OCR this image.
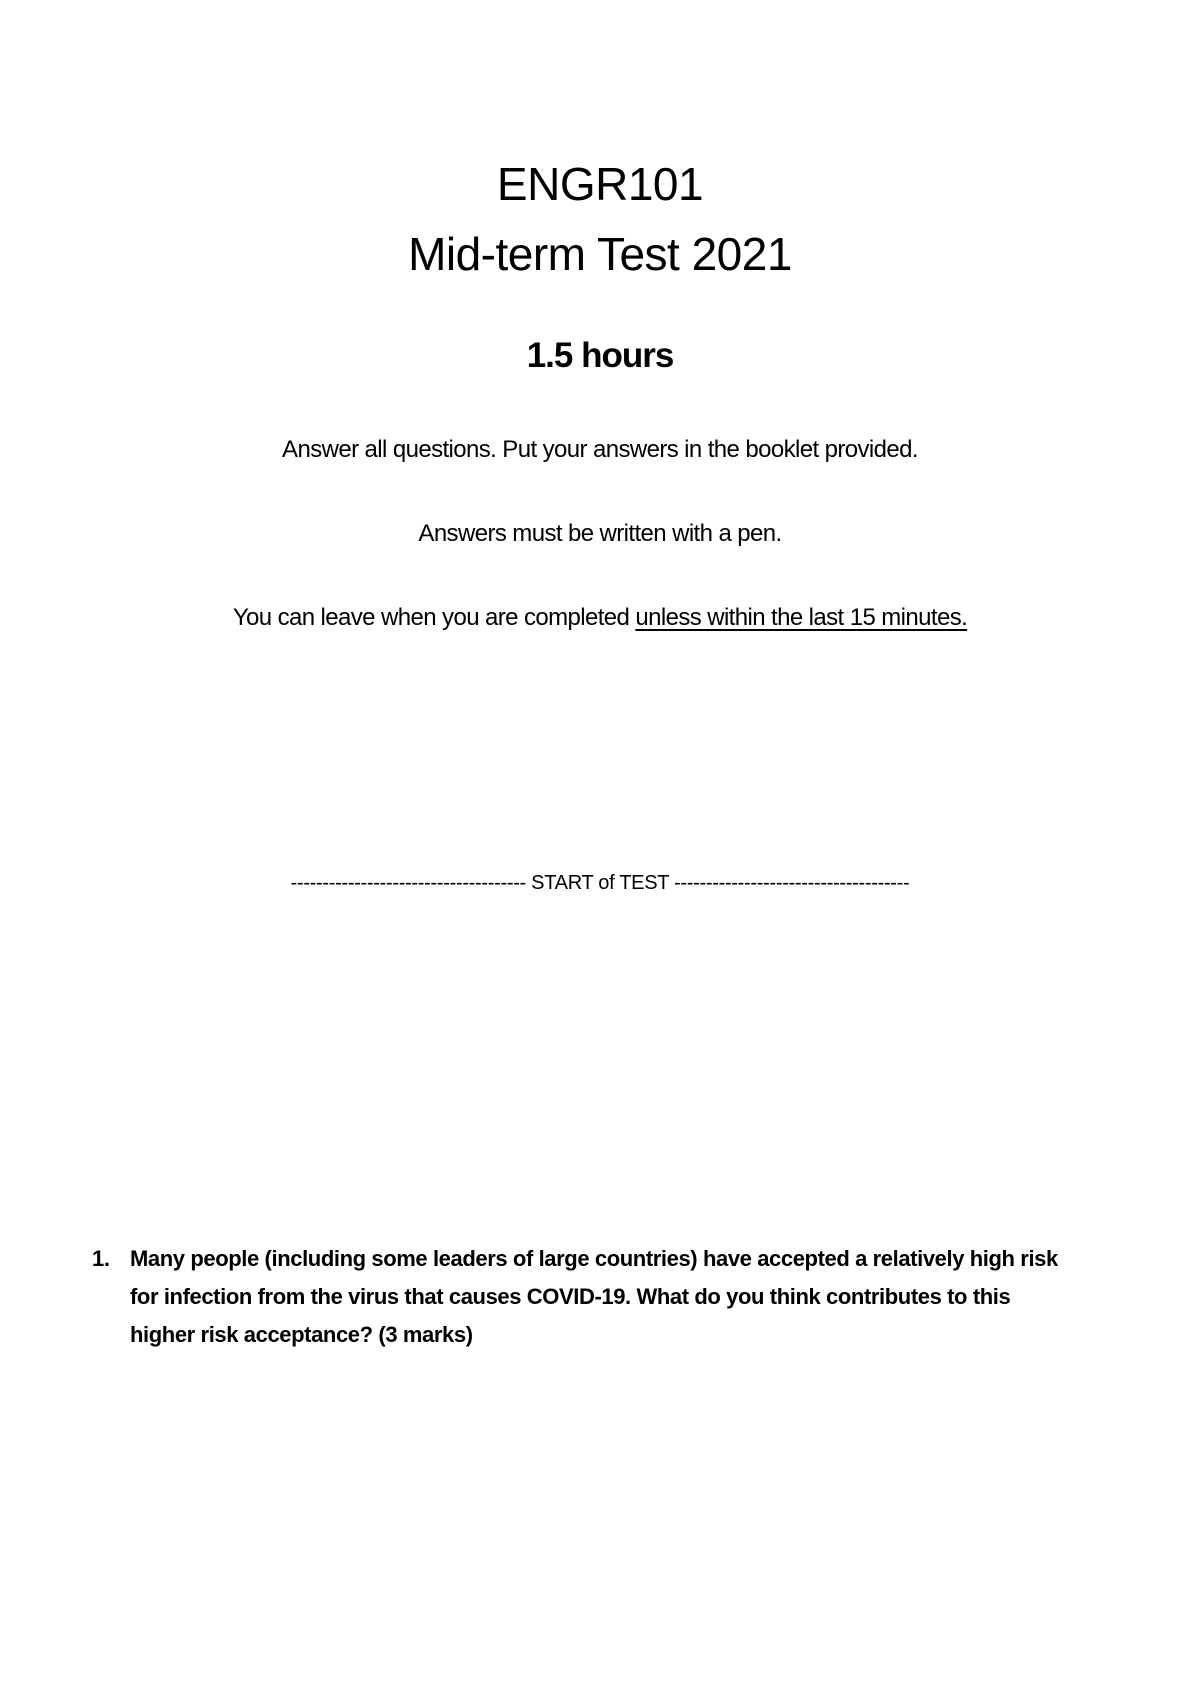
ENGR101
Mid-term Test 2021
1.5 hours
Answer all questions. Put your answers in the booklet provided.
Answers must be written with a pen.
You can leave when you are completed unless within the last 15 minutes.
------------------------------------- START of TEST -------------------------------------
1. Many people (including some leaders of large countries) have accepted a relatively high risk for infection from the virus that causes COVID-19. What do you think contributes to this higher risk acceptance? (3 marks)
